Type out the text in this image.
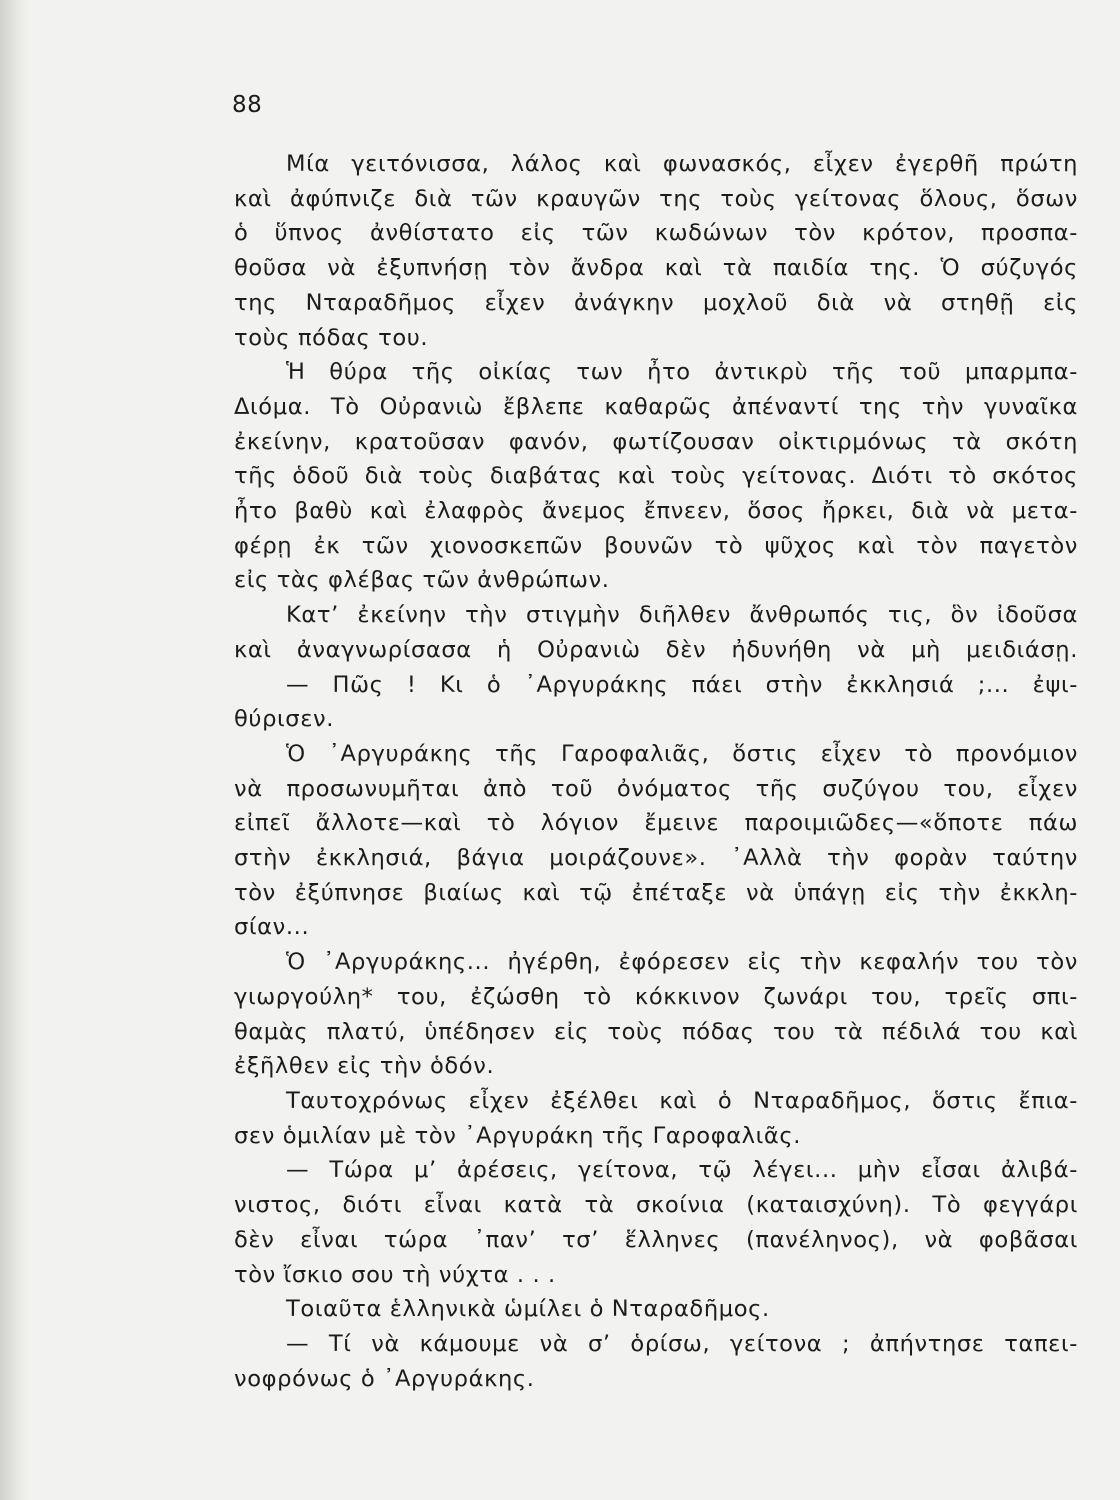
88
Μία γειτόνισσα, λάλος καὶ φωνασκός, εἶχεν ἐγερθῆ πρώτη
καὶ ἀφύπνιζε διὰ τῶν κραυγῶν της τοὺς γείτονας ὅλους, ὅσων
ὁ ὕπνος ἀνθίστατο εἰς τῶν κωδώνων τὸν κρότον, προσπα-
θοῦσα νὰ ἐξυπνήσῃ τὸν ἄνδρα καὶ τὰ παιδία της. Ὁ σύζυγός
της Νταραδῆμος εἶχεν ἀνάγκην μοχλοῦ διὰ νὰ στηθῇ εἰς
τοὺς πόδας του.
Ἡ θύρα τῆς οἰκίας των ἦτο ἀντικρὺ τῆς τοῦ μπαρμπα-
Διόμα. Τὸ Οὐρανιὼ ἔβλεπε καθαρῶς ἀπέναντί της τὴν γυναῖκα
ἐκείνην, κρατοῦσαν φανόν, φωτίζουσαν οἰκτιρμόνως τὰ σκότη
τῆς ὁδοῦ διὰ τοὺς διαβάτας καὶ τοὺς γείτονας. Διότι τὸ σκότος
ἦτο βαθὺ καὶ ἐλαφρὸς ἄνεμος ἔπνεεν, ὅσος ἤρκει, διὰ νὰ μετα-
φέρῃ ἐκ τῶν χιονοσκεπῶν βουνῶν τὸ ψῦχος καὶ τὸν παγετὸν
εἰς τὰς φλέβας τῶν ἀνθρώπων.
Κατ’ ἐκείνην τὴν στιγμὴν διῆλθεν ἄνθρωπός τις, ὃν ἰδοῦσα
καὶ ἀναγνωρίσασα ἡ Οὐρανιὼ δὲν ἠδυνήθη νὰ μὴ μειδιάσῃ.
— Πῶς ! Κι ὁ ᾿Αργυράκης πάει στὴν ἐκκλησιά ;... ἐψι-
θύρισεν.
Ὁ ᾿Αργυράκης τῆς Γαροφαλιᾶς, ὅστις εἶχεν τὸ προνόμιον
νὰ προσωνυμῆται ἀπὸ τοῦ ὀνόματος τῆς συζύγου του, εἶχεν
εἰπεῖ ἄλλοτε—καὶ τὸ λόγιον ἔμεινε παροιμιῶδες—«ὅποτε πάω
στὴν ἐκκλησιά, βάγια μοιράζουνε». ᾿Αλλὰ τὴν φορὰν ταύτην
τὸν ἐξύπνησε βιαίως καὶ τῷ ἐπέταξε νὰ ὑπάγῃ εἰς τὴν ἐκκλη-
σίαν...
Ὁ ᾿Αργυράκης... ἠγέρθη, ἐφόρεσεν εἰς τὴν κεφαλήν του τὸν
γιωργούλη* του, ἐζώσθη τὸ κόκκινον ζωνάρι του, τρεῖς σπι-
θαμὰς πλατύ, ὑπέδησεν εἰς τοὺς πόδας του τὰ πέδιλά του καὶ
ἐξῆλθεν εἰς τὴν ὁδόν.
Ταυτοχρόνως εἶχεν ἐξέλθει καὶ ὁ Νταραδῆμος, ὅστις ἔπια-
σεν ὁμιλίαν μὲ τὸν ᾿Αργυράκη τῆς Γαροφαλιᾶς.
— Τώρα μ’ ἀρέσεις, γείτονα, τῷ λέγει... μὴν εἶσαι ἀλιβά-
νιστος, διότι εἶναι κατὰ τὰ σκοίνια (καταισχύνη). Τὸ φεγγάρι
δὲν εἶναι τώρα ᾿παν’ τσ’ ἕλληνες (πανέληνος), νὰ φοβᾶσαι
τὸν ἴσκιο σου τὴ νύχτα . . .
Τοιαῦτα ἑλληνικὰ ὡμίλει ὁ Νταραδῆμος.
— Τί νὰ κάμουμε νὰ σ’ ὁρίσω, γείτονα ; ἀπήντησε ταπει-
νοφρόνως ὁ ᾿Αργυράκης.
